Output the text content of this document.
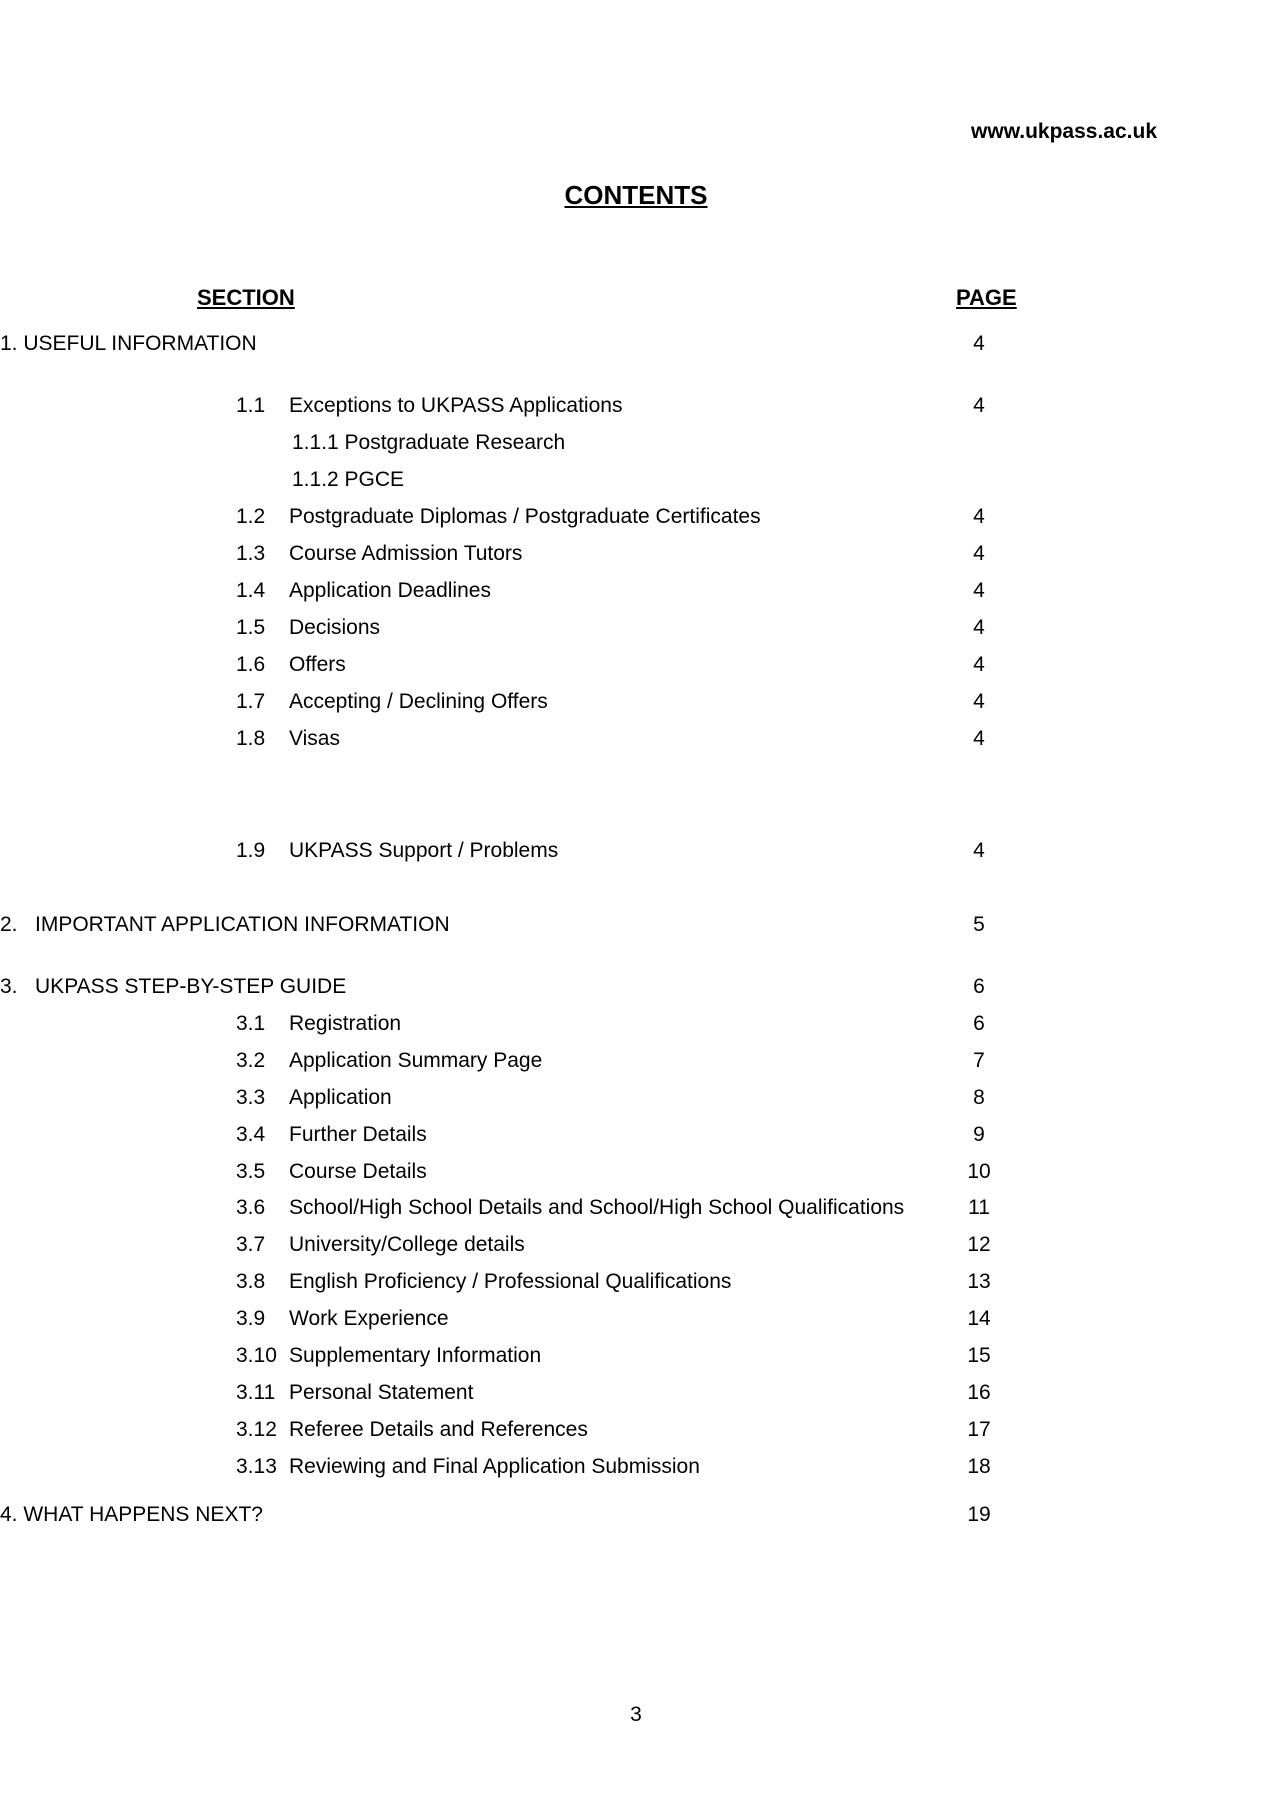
www.ukpass.ac.uk
CONTENTS
SECTION	PAGE
1. USEFUL INFORMATION	4
1.1 Exceptions to UKPASS Applications	4
1.1.1 Postgraduate Research
1.1.2 PGCE
1.2 Postgraduate Diplomas / Postgraduate Certificates	4
1.3 Course Admission Tutors	4
1.4 Application Deadlines	4
1.5 Decisions	4
1.6 Offers	4
1.7 Accepting / Declining Offers	4
1.8 Visas	4
1.9 UKPASS Support / Problems	4
2.   IMPORTANT APPLICATION INFORMATION	5
3.   UKPASS STEP-BY-STEP GUIDE	6
3.1 Registration	6
3.2 Application Summary Page	7
3.3 Application	8
3.4 Further Details	9
3.5 Course Details	10
3.6 School/High School Details and School/High School Qualifications	11
3.7 University/College details	12
3.8 English Proficiency / Professional Qualifications	13
3.9 Work Experience	14
3.10 Supplementary Information	15
3.11 Personal Statement	16
3.12 Referee Details and References	17
3.13 Reviewing and Final Application Submission	18
4. WHAT HAPPENS NEXT?	19
3
